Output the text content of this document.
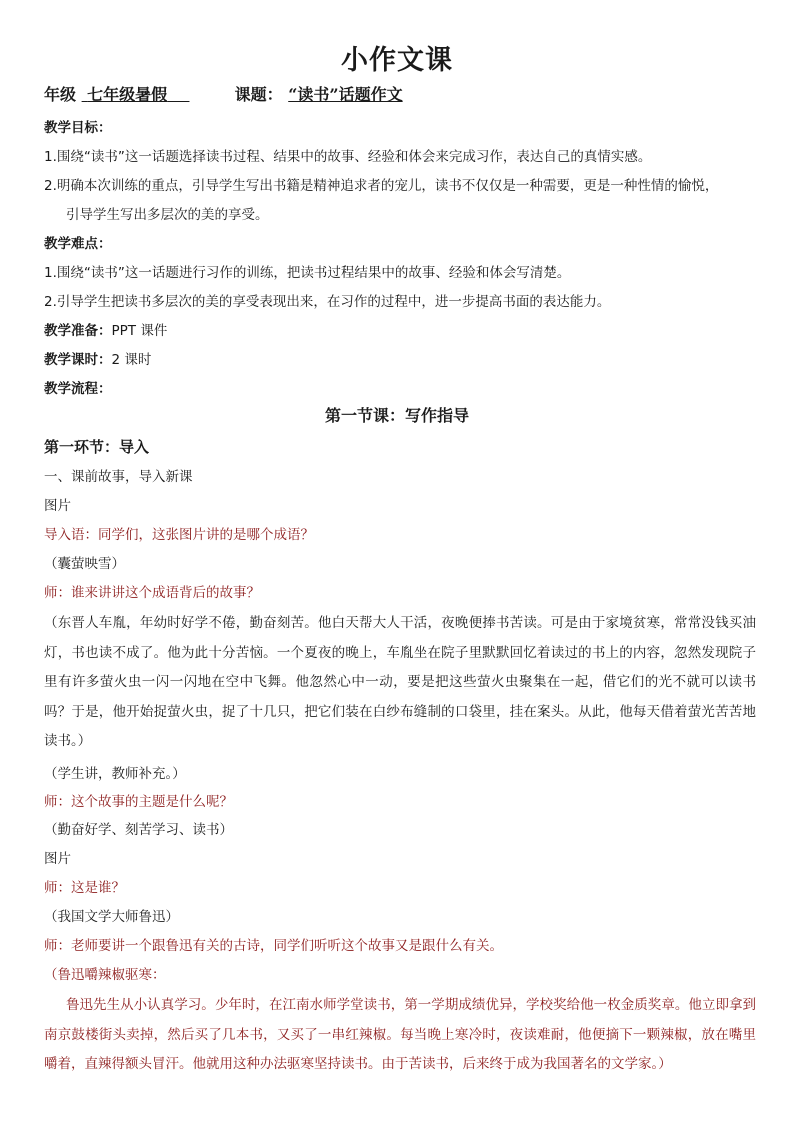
小作文课
年级 七年级暑假	课题： “读书”话题作文
教学目标：
1.围绕“读书”这一话题选择读书过程、结果中的故事、经验和体会来完成习作，表达自己的真情实感。
2.明确本次训练的重点，引导学生写出书籍是精神追求者的宠儿，读书不仅仅是一种需要，更是一种性情的愉悦，
引导学生写出多层次的美的享受。
教学难点：
1.围绕“读书”这一话题进行习作的训练，把读书过程结果中的故事、经验和体会写清楚。
2.引导学生把读书多层次的美的享受表现出来，在习作的过程中，进一步提高书面的表达能力。
教学准备：PPT 课件
教学课时：2 课时
教学流程：
第一节课：写作指导
第一环节：导入
一、课前故事，导入新课
图片
导入语：同学们，这张图片讲的是哪个成语？
（囊萤映雪）
师：谁来讲讲这个成语背后的故事？
（东晋人车胤，年幼时好学不倦，勤奋刻苦。他白天帮大人干活，夜晚便捧书苦读。可是由于家境贫寒，常常没钱买油灯，书也读不成了。他为此十分苦恼。一个夏夜的晚上，车胤坐在院子里默默回忆着读过的书上的内容，忽然发现院子里有许多萤火虫一闪一闪地在空中飞舞。他忽然心中一动，要是把这些萤火虫聚集在一起，借它们的光不就可以读书吗？于是，他开始捉萤火虫，捉了十几只，把它们装在白纱布缝制的口袋里，挂在案头。从此，他每天借着萤光苦苦地读书。）
（学生讲，教师补充。）
师：这个故事的主题是什么呢？
（勤奋好学、刻苦学习、读书）
图片
师：这是谁？
（我国文学大师鲁迅）
师：老师要讲一个跟鲁迅有关的古诗，同学们听听这个故事又是跟什么有关。
（鲁迅嚼辣椒驱寒：
鲁迅先生从小认真学习。少年时，在江南水师学堂读书，第一学期成绩优异，学校奖给他一枚金质奖章。他立即拿到南京鼓楼街头卖掉，然后买了几本书，又买了一串红辣椒。每当晚上寒冷时，夜读难耐，他便摘下一颗辣椒，放在嘴里嚼着，直辣得额头冒汗。他就用这种办法驱寒坚持读书。由于苦读书，后来终于成为我国著名的文学家。）
